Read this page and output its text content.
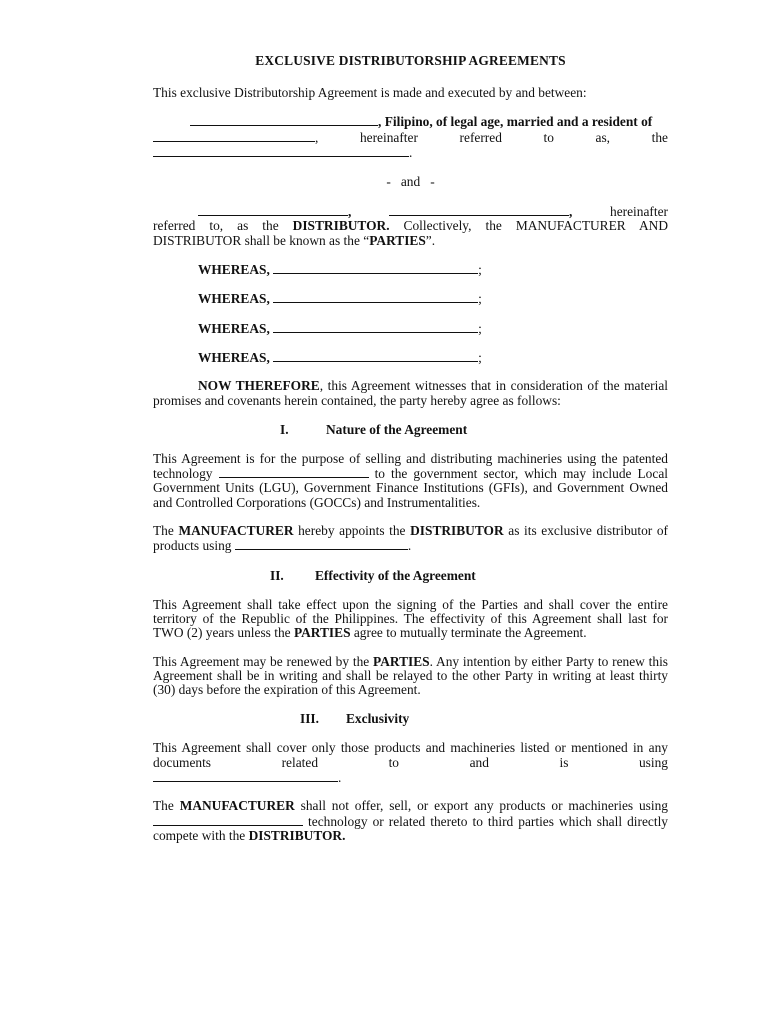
EXCLUSIVE DISTRIBUTORSHIP AGREEMENTS

This exclusive Distributorship Agreement is made and executed by and between:

, Filipino, of legal age, married and a resident of

, hereinafter referred to as, the
.

-   and   -

,	,	hereinafter
referred to, as the DISTRIBUTOR. Collectively, the MANUFACTURER AND DISTRIBUTOR shall be known as the “PARTIES”.

WHEREAS,	;
WHEREAS,	;
WHEREAS,	;
WHEREAS,	;

NOW THEREFORE, this Agreement witnesses that in consideration of the material promises and covenants herein contained, the party hereby agree as follows:

I.	Nature of the Agreement

This Agreement is for the purpose of selling and distributing machineries using the patented technology	to the government sector, which may include Local Government Units (LGU), Government Finance Institutions (GFIs), and Government Owned and Controlled Corporations (GOCCs) and Instrumentalities.

The MANUFACTURER hereby appoints the DISTRIBUTOR as its exclusive distributor of products using	.

II. Effectivity of the Agreement

This Agreement shall take effect upon the signing of the Parties and shall cover the entire territory of the Republic of the Philippines. The effectivity of this Agreement shall last for TWO (2) years unless the PARTIES agree to mutually terminate the Agreement.

This Agreement may be renewed by the PARTIES. Any intention by either Party to renew this Agreement shall be in writing and shall be relayed to the other Party in writing at least thirty (30) days before the expiration of this Agreement.

III. Exclusivity

This Agreement shall cover only those products and machineries listed or mentioned in any documents related to and is using
.

The MANUFACTURER shall not offer, sell, or export any products or machineries using  technology or related thereto to third parties which shall directly compete with the DISTRIBUTOR.
